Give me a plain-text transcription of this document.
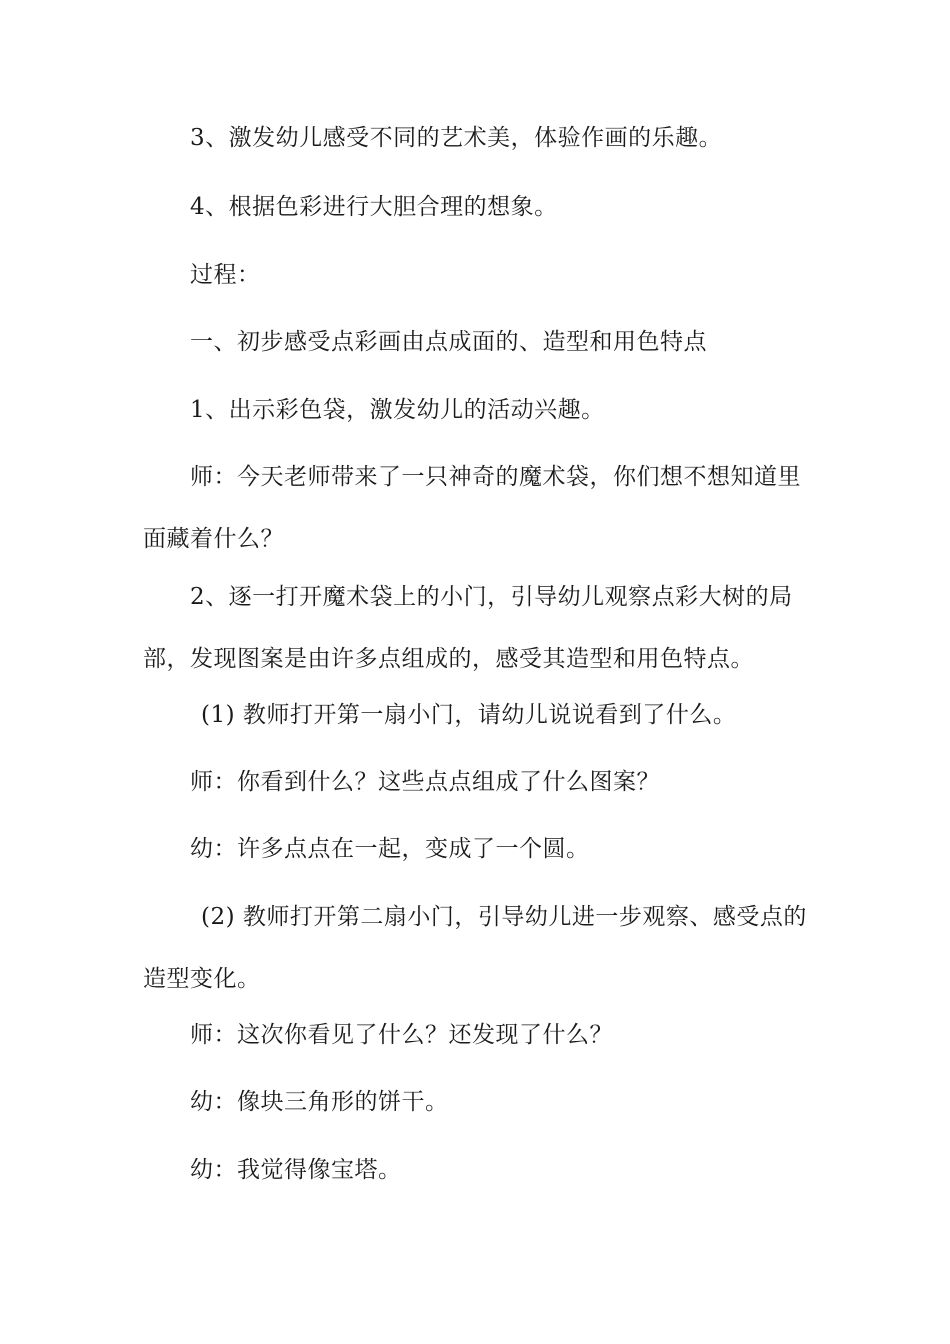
3、激发幼儿感受不同的艺术美，体验作画的乐趣。

4、根据色彩进行大胆合理的想象。

过程：

一、初步感受点彩画由点成面的、造型和用色特点

1、出示彩色袋，激发幼儿的活动兴趣。

师：今天老师带来了一只神奇的魔术袋，你们想不想知道里面藏着什么？

2、逐一打开魔术袋上的小门，引导幼儿观察点彩大树的局部，发现图案是由许多点组成的，感受其造型和用色特点。

(1) 教师打开第一扇小门，请幼儿说说看到了什么。

师：你看到什么？这些点点组成了什么图案？

幼：许多点点在一起，变成了一个圆。

(2) 教师打开第二扇小门，引导幼儿进一步观察、感受点的造型变化。

师：这次你看见了什么？还发现了什么？

幼：像块三角形的饼干。

幼：我觉得像宝塔。
